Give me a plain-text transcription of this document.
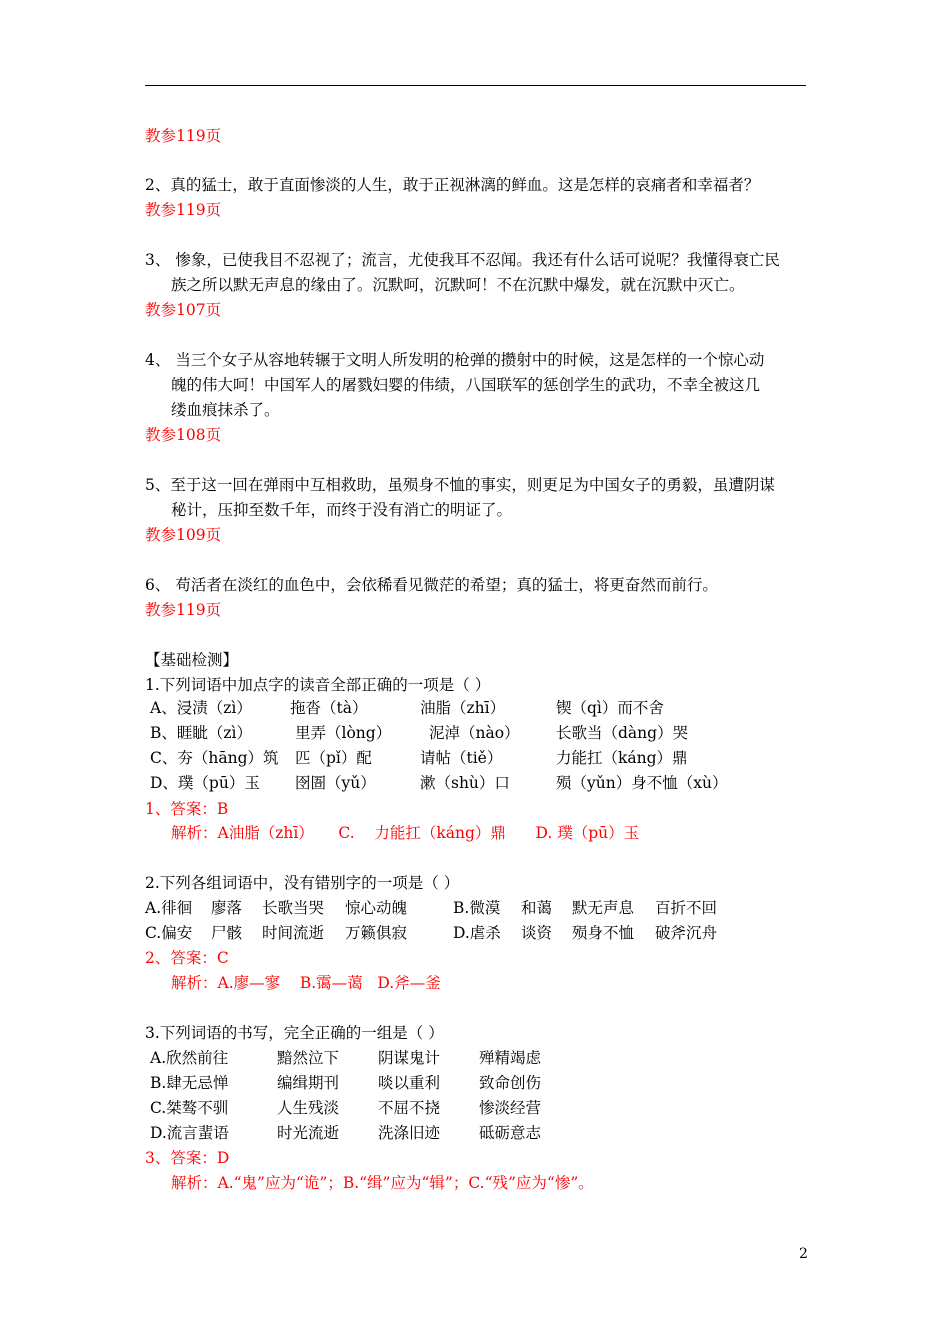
教参119页
2、真的猛士，敢于直面惨淡的人生，敢于正视淋漓的鲜血。这是怎样的哀痛者和幸福者？
教参119页
3、 惨象，已使我目不忍视了；流言，尤使我耳不忍闻。我还有什么话可说呢？我懂得衰亡民
族之所以默无声息的缘由了。沉默呵，沉默呵！不在沉默中爆发，就在沉默中灭亡。
教参107页
4、 当三个女子从容地转辗于文明人所发明的枪弹的攒射中的时候，这是怎样的一个惊心动
魄的伟大呵！中国军人的屠戮妇婴的伟绩，八国联军的惩创学生的武功，不幸全被这几
缕血痕抹杀了。
教参108页
5、至于这一回在弹雨中互相救助，虽殒身不恤的事实，则更足为中国女子的勇毅，虽遭阴谋
秘计，压抑至数千年，而终于没有消亡的明证了。
教参109页
6、 苟活者在淡红的血色中，会依稀看见微茫的希望；真的猛士，将更奋然而前行。
教参119页
【基础检测】
1.下列词语中加点字的读音全部正确的一项是（ ）
A、浸渍（zì） 拖沓（tà）	油脂（zhī）	锲（qì）而不舍
B、睚眦（zì）	里弄（lòng） 泥淖（nào） 长歌当（dàng）哭
C、夯（hāng）筑 匹（pǐ）配	请帖（tiě）	力能扛（káng）鼎
D、璞（pū）玉 囹圄（yǔ）	漱（shù）口	殒（yǔn）身不恤（xù）
1、答案：B
解析：A油脂（zhī）     C.    力能扛（káng）鼎      D. 璞（pū）玉
2.下列各组词语中，没有错别字的一项是（ ）
A.徘徊 廖落 长歌当哭 惊心动魄	B.微漠 和蔼 默无声息 百折不回
C.偏安 尸骸 时间流逝 万籁俱寂	D.虐杀 谈资 殒身不恤 破斧沉舟
2、答案：C
解析：A.廖—寥    B.霭—蔼   D.斧—釜
3.下列词语的书写，完全正确的一组是（ ）
A.欣然前往	黯然泣下	阴谋鬼计	殚精竭虑
B.肆无忌惮	编缉期刊	啖以重利	致命创伤
C.桀骜不驯	人生残淡	不屈不挠	惨淡经营
D.流言蜚语	时光流逝	洗涤旧迹	砥砺意志
3、答案：D
解析：A.“鬼”应为“诡”；B.“缉”应为“辑”；C.“残”应为“惨”。
2
